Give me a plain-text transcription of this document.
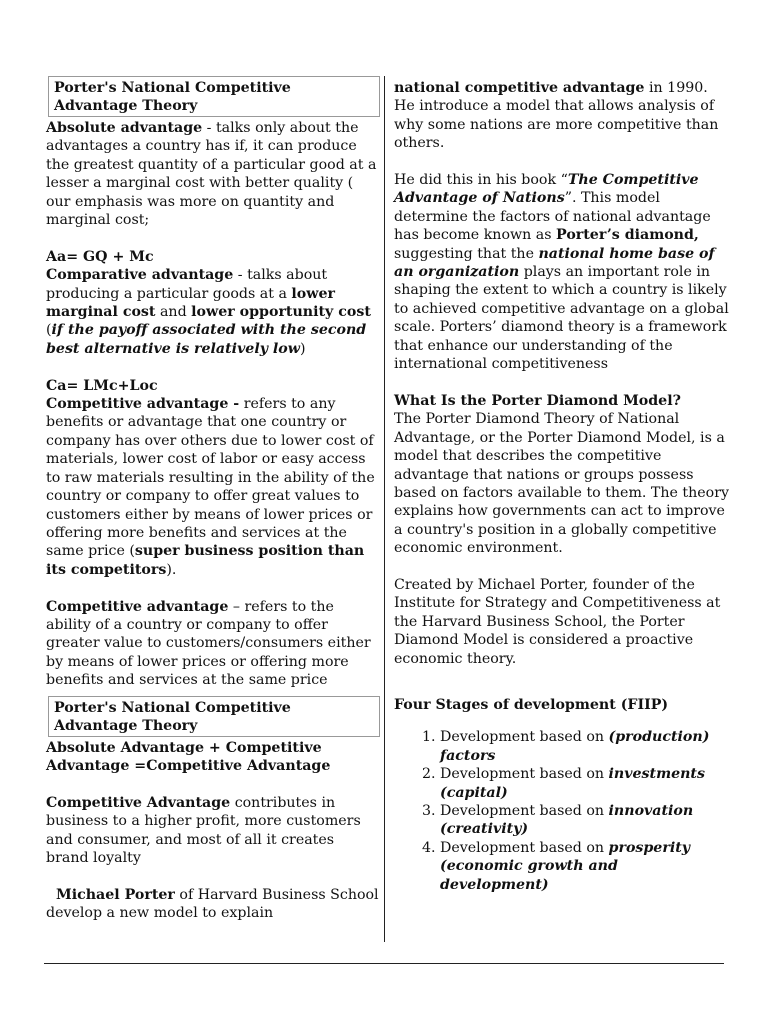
Porter's National Competitive Advantage Theory

Absolute advantage - talks only about the advantages a country has if, it can produce the greatest quantity of a particular good at a lesser a marginal cost with better quality ( our emphasis was more on quantity and marginal cost;

Aa= GQ + Mc

Comparative advantage - talks about producing a particular goods at a lower marginal cost and lower opportunity cost (if the payoff associated with the second best alternative is relatively low)

Ca= LMc+Loc

Competitive advantage - refers to any benefits or advantage that one country or company has over others due to lower cost of materials, lower cost of labor or easy access to raw materials resulting in the ability of the country or company to offer great values to customers either by means of lower prices or offering more benefits and services at the same price (super business position than its competitors).

Competitive advantage – refers to the ability of a country or company to offer greater value to customers/consumers either by means of lower prices or offering more benefits and services at the same price

Porter's National Competitive Advantage Theory

Absolute Advantage + Competitive Advantage =Competitive Advantage

Competitive Advantage contributes in business to a higher profit, more customers and consumer, and most of all it creates brand loyalty

Michael Porter of Harvard Business School develop a new model to explain

national competitive advantage in 1990. He introduce a model that allows analysis of why some nations are more competitive than others.

He did this in his book “The Competitive Advantage of Nations”. This model determine the factors of national advantage has become known as Porter’s diamond, suggesting that the national home base of an organization plays an important role in shaping the extent to which a country is likely to achieved competitive advantage on a global scale. Porters’ diamond theory is a framework that enhance our understanding of the international competitiveness

What Is the Porter Diamond Model?

The Porter Diamond Theory of National Advantage, or the Porter Diamond Model, is a model that describes the competitive advantage that nations or groups possess based on factors available to them. The theory explains how governments can act to improve a country's position in a globally competitive economic environment.

Created by Michael Porter, founder of the Institute for Strategy and Competitiveness at the Harvard Business School, the Porter Diamond Model is considered a proactive economic theory.

Four Stages of development (FIIP)

1. Development based on (production) factors
2. Development based on investments (capital)
3. Development based on innovation (creativity)
4. Development based on prosperity (economic growth and development)
